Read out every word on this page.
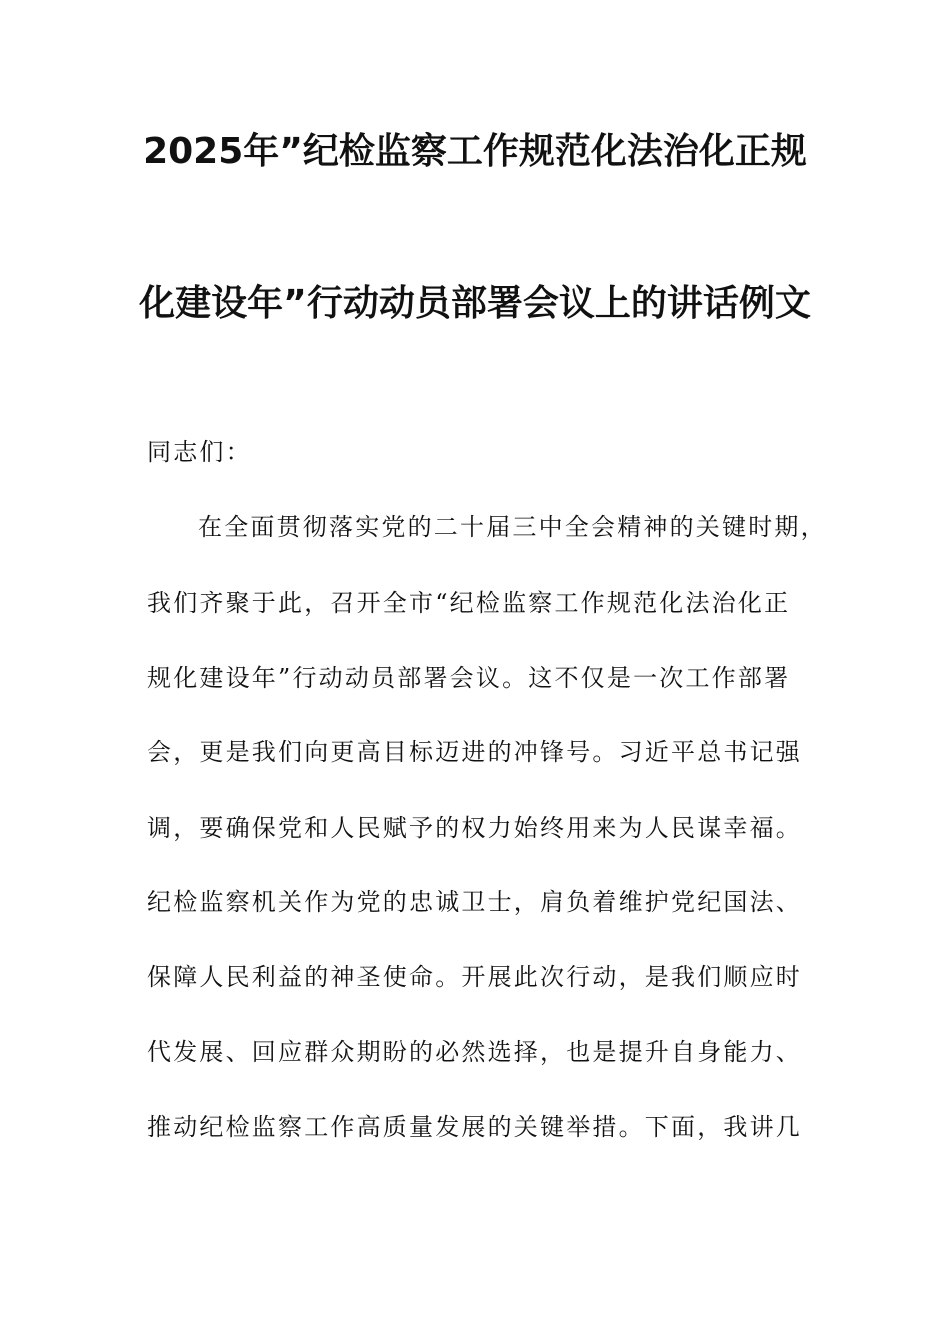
2025年”纪检监察工作规范化法治化正规
化建设年”行动动员部署会议上的讲话例文
同志们：
在全面贯彻落实党的二十届三中全会精神的关键时期，
我们齐聚于此，召开全市“纪检监察工作规范化法治化正
规化建设年”行动动员部署会议。这不仅是一次工作部署
会，更是我们向更高目标迈进的冲锋号。习近平总书记强
调，要确保党和人民赋予的权力始终用来为人民谋幸福。
纪检监察机关作为党的忠诚卫士，肩负着维护党纪国法、
保障人民利益的神圣使命。开展此次行动，是我们顺应时
代发展、回应群众期盼的必然选择，也是提升自身能力、
推动纪检监察工作高质量发展的关键举措。下面，我讲几
